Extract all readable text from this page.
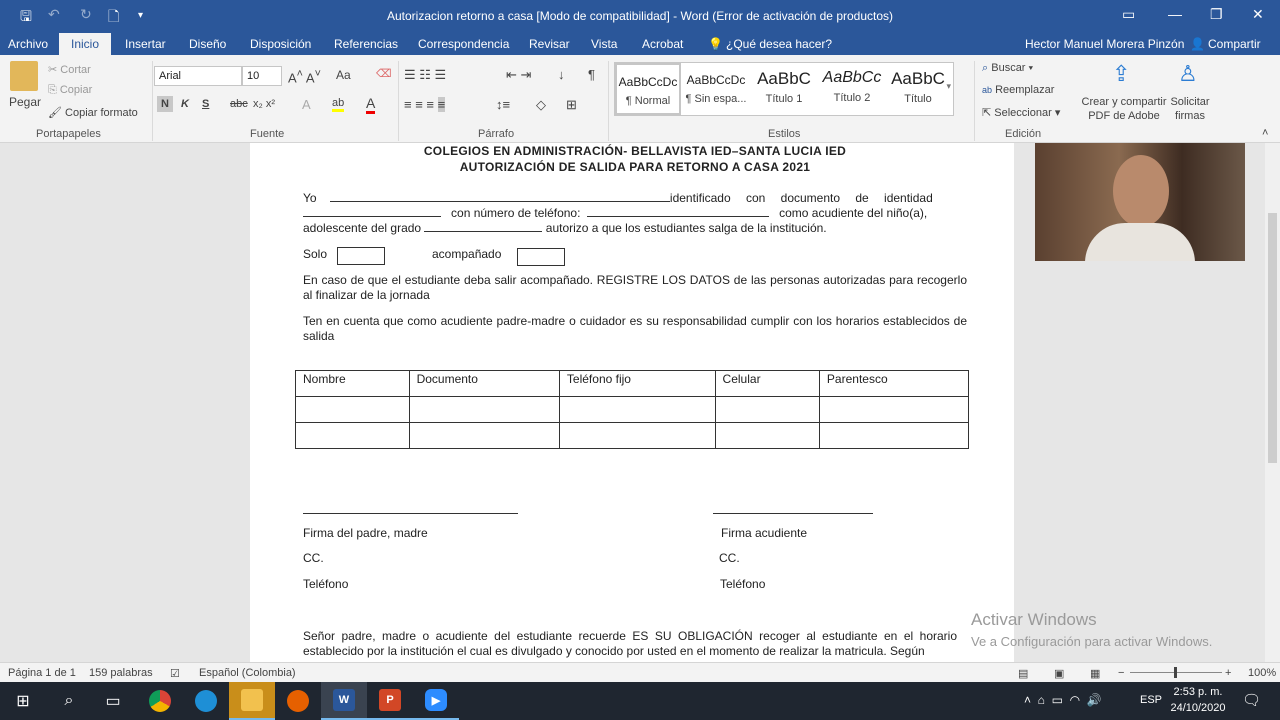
🖫 ↶ ↻ 🗋 ▾	Autorizacion retorno a casa [Modo de compatibilidad] - Word (Error de activación de productos)	▭ — ❐ ✕
Archivo	Inicio	Insertar Diseño Disposición Referencias Correspondencia Revisar Vista Acrobat 💡 ¿Qué desea hacer?	Hector Manuel Morera Pinzón 👤 Compartir
Pegar
✂ Cortar
⎘ Copiar
🖌 Copiar formato
Portapapeles
Arial	10	A˄ A˅ Aa ⌫
N	K S abc x₂ x² A ab A
Fuente
☰ ☷ ☰	⇤ ⇥ ↓ ¶
≡ ≡ ≡ ≡	↕≡ ◇ ⊞
Párrafo
AaBbCcDc
¶ Normal
AaBbCcDc
¶ Sin espa...
AaBbC
Título 1
AaBbCc
Título 2
AaBbC
Título
▾
Estilos
⌕ Buscar ▾
ab Reemplazar
⇱ Seleccionar ▾
Edición
⇪
Crear y compartir PDF de Adobe
♙
Solicitar firmas
˄
COLEGIOS EN ADMINISTRACIÓN- BELLAVISTA IED–SANTA LUCIA IED
AUTORIZACIÓN DE SALIDA PARA RETORNO A CASA 2021
Yo	identificado con documento de identidad
con número de teléfono:	como acudiente del niño(a),
adolescente del grado	autorizo a que los estudiantes salga de la institución.
Solo	acompañado
En caso de que el estudiante deba salir acompañado. REGISTRE LOS DATOS de las personas autorizadas para recogerlo al finalizar de la jornada
Ten en cuenta que como acudiente padre-madre o cuidador es su responsabilidad cumplir con los horarios establecidos de salida
Nombre	Documento	Teléfono fijo	Celular	Parentesco

Firma del padre, madre
CC.
Teléfono
Firma acudiente
CC.
Teléfono
Señor padre, madre o acudiente del estudiante recuerde ES SU OBLIGACIÓN recoger al estudiante en el horario establecido por la institución el cual es divulgado y conocido por usted en el momento de realizar la matricula. Según
Activar Windows
Ve a Configuración para activar Windows.
Página 1 de 1 159 palabras ☑ Español (Colombia)	▤ ▣ ▦ −	+ 100%
⊞	⌕	▭	W	P	▶	˄  ⌂  ▭  ◠  🔊	ESP
2:53 p. m.
24/10/2020 🗨
